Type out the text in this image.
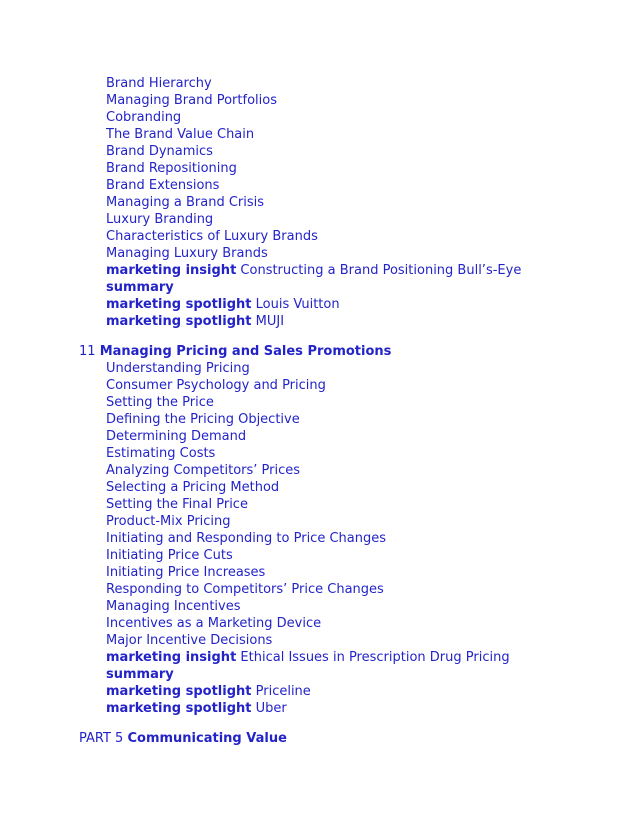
Brand Hierarchy
Managing Brand Portfolios
Cobranding
The Brand Value Chain
Brand Dynamics
Brand Repositioning
Brand Extensions
Managing a Brand Crisis
Luxury Branding
Characteristics of Luxury Brands
Managing Luxury Brands
marketing insight Constructing a Brand Positioning Bull’s-Eye
summary
marketing spotlight Louis Vuitton
marketing spotlight MUJI
11 Managing Pricing and Sales Promotions
Understanding Pricing
Consumer Psychology and Pricing
Setting the Price
Defining the Pricing Objective
Determining Demand
Estimating Costs
Analyzing Competitors’ Prices
Selecting a Pricing Method
Setting the Final Price
Product-Mix Pricing
Initiating and Responding to Price Changes
Initiating Price Cuts
Initiating Price Increases
Responding to Competitors’ Price Changes
Managing Incentives
Incentives as a Marketing Device
Major Incentive Decisions
marketing insight Ethical Issues in Prescription Drug Pricing
summary
marketing spotlight Priceline
marketing spotlight Uber
PART 5 Communicating Value
